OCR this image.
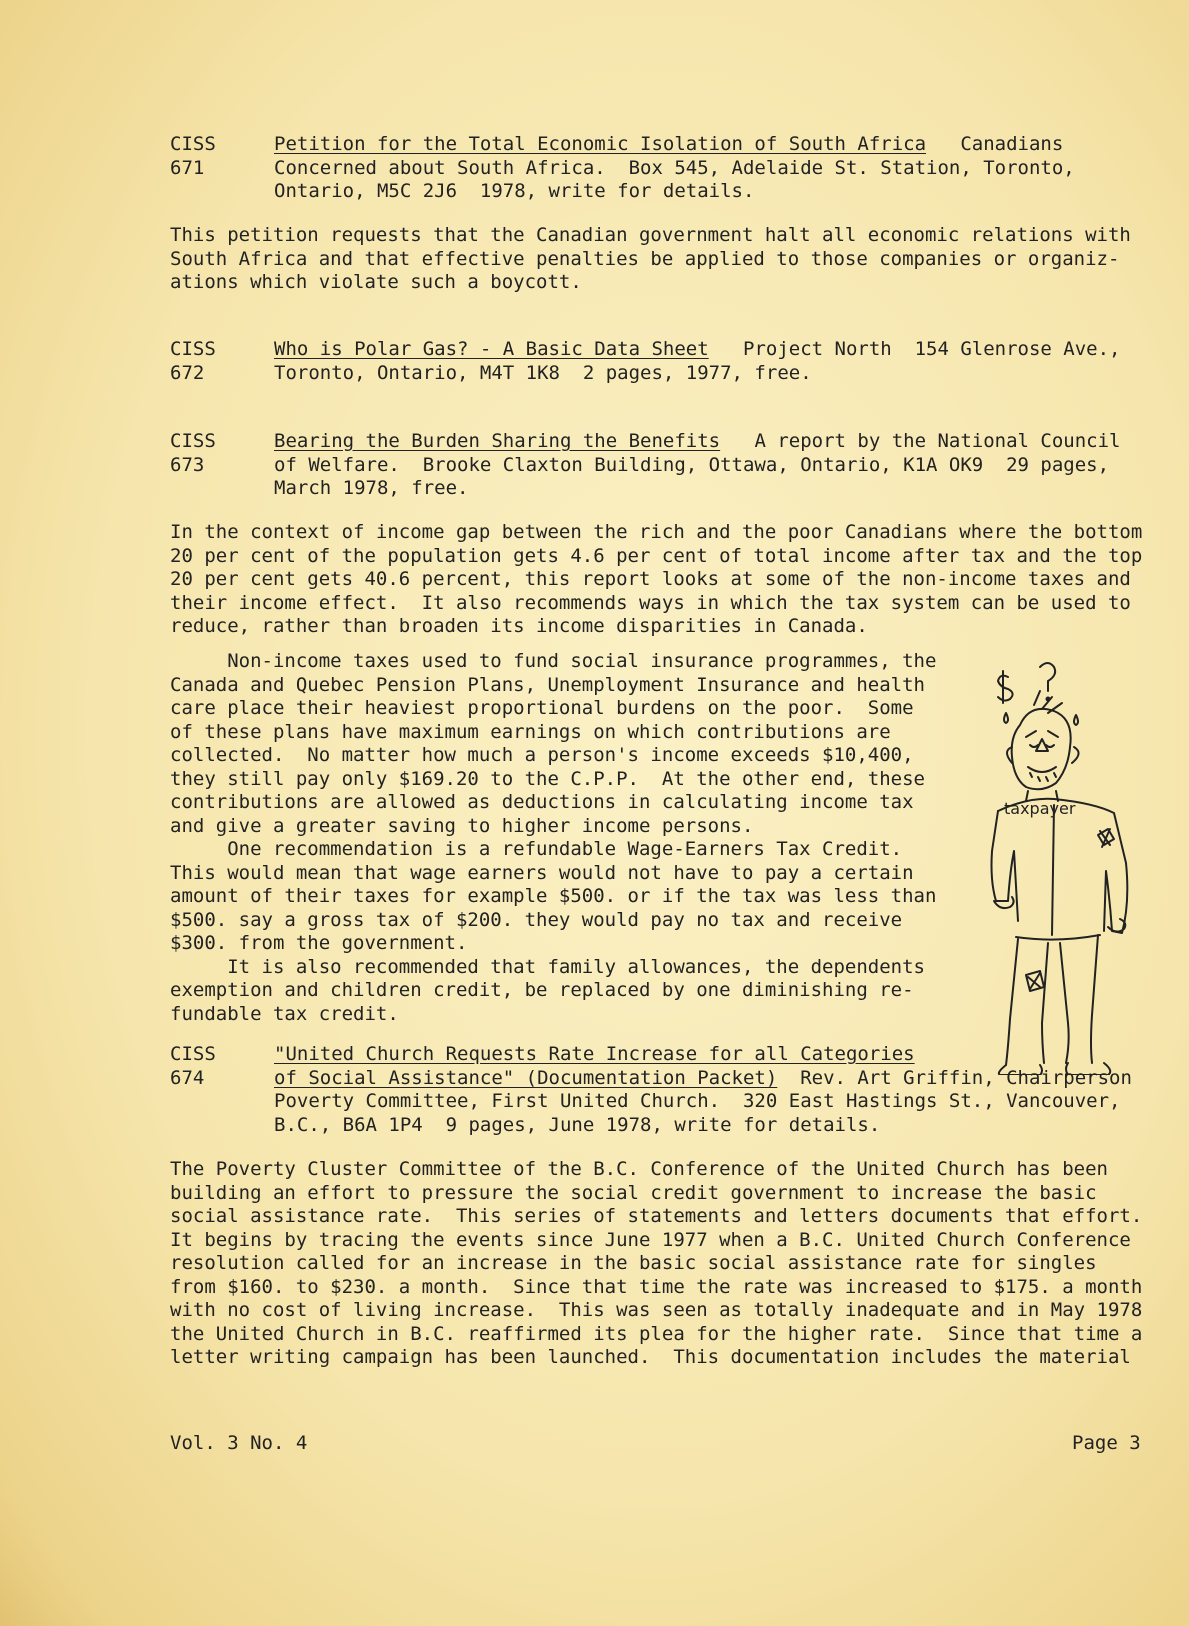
CISS
671
Petition for the Total Economic Isolation of South Africa   Canadians
Concerned about South Africa.  Box 545, Adelaide St. Station, Toronto,
Ontario, M5C 2J6  1978, write for details.
This petition requests that the Canadian government halt all economic relations with
South Africa and that effective penalties be applied to those companies or organiz-
ations which violate such a boycott.
CISS
672
Who is Polar Gas? - A Basic Data Sheet   Project North  154 Glenrose Ave.,
Toronto, Ontario, M4T 1K8  2 pages, 1977, free.
CISS
673
Bearing the Burden Sharing the Benefits   A report by the National Council
of Welfare.  Brooke Claxton Building, Ottawa, Ontario, K1A OK9  29 pages,
March 1978, free.
In the context of income gap between the rich and the poor Canadians where the bottom
20 per cent of the population gets 4.6 per cent of total income after tax and the top
20 per cent gets 40.6 percent, this report looks at some of the non-income taxes and
their income effect.  It also recommends ways in which the tax system can be used to
reduce, rather than broaden its income disparities in Canada.
Non-income taxes used to fund social insurance programmes, the
Canada and Quebec Pension Plans, Unemployment Insurance and health
care place their heaviest proportional burdens on the poor.  Some
of these plans have maximum earnings on which contributions are
collected.  No matter how much a person's income exceeds $10,400,
they still pay only $169.20 to the C.P.P.  At the other end, these
contributions are allowed as deductions in calculating income tax
and give a greater saving to higher income persons.
One recommendation is a refundable Wage-Earners Tax Credit.
This would mean that wage earners would not have to pay a certain
amount of their taxes for example $500. or if the tax was less than
$500. say a gross tax of $200. they would pay no tax and receive
$300. from the government.
It is also recommended that family allowances, the dependents
exemption and children credit, be replaced by one diminishing re-
fundable tax credit.
taxpayer
CISS
674
"United Church Requests Rate Increase for all Categories
of Social Assistance" (Documentation Packet)  Rev. Art Griffin, Chairperson
Poverty Committee, First United Church.  320 East Hastings St., Vancouver,
B.C., B6A 1P4  9 pages, June 1978, write for details.
The Poverty Cluster Committee of the B.C. Conference of the United Church has been
building an effort to pressure the social credit government to increase the basic
social assistance rate.  This series of statements and letters documents that effort.
It begins by tracing the events since June 1977 when a B.C. United Church Conference
resolution called for an increase in the basic social assistance rate for singles
from $160. to $230. a month.  Since that time the rate was increased to $175. a month
with no cost of living increase.  This was seen as totally inadequate and in May 1978
the United Church in B.C. reaffirmed its plea for the higher rate.  Since that time a
letter writing campaign has been launched.  This documentation includes the material
Vol. 3 No. 4	Page 3
